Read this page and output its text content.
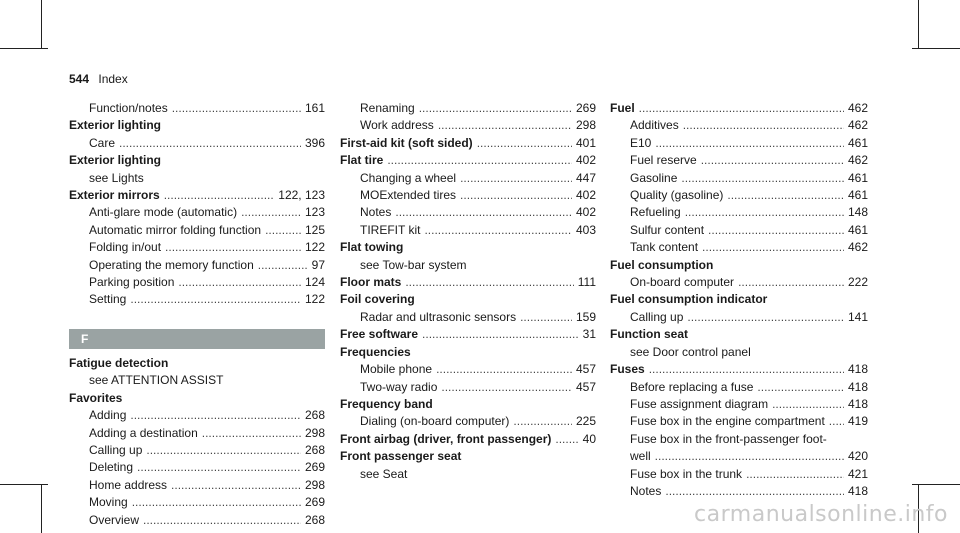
544 Index
Function/notes .....	161
Exterior lighting
Care .....	396
Exterior lighting
see Lights
Exterior mirrors .....	122, 123
Anti-glare mode (automatic) .....	123
Automatic mirror folding function .....	125
Folding in/out .....	122
Operating the memory function .....	97
Parking position .....	124
Setting .....	122
F
Fatigue detection
see ATTENTION ASSIST
Favorites
Adding .....	268
Adding a destination .....	298
Calling up .....	268
Deleting .....	269
Home address .....	298
Moving .....	269
Overview .....	268
Renaming .....	269
Work address .....	298
First-aid kit (soft sided) .....	401
Flat tire .....	402
Changing a wheel .....	447
MOExtended tires .....	402
Notes .....	402
TIREFIT kit .....	403
Flat towing
see Tow-bar system
Floor mats .....	111
Foil covering
Radar and ultrasonic sensors .....	159
Free software .....	31
Frequencies
Mobile phone .....	457
Two-way radio .....	457
Frequency band
Dialing (on-board computer) .....	225
Front airbag (driver, front passenger) .....	40
Front passenger seat
see Seat
Fuel .....	462
Additives .....	462
E10 .....	461
Fuel reserve .....	462
Gasoline .....	461
Quality (gasoline) .....	461
Refueling .....	148
Sulfur content .....	461
Tank content .....	462
Fuel consumption
On-board computer .....	222
Fuel consumption indicator
Calling up .....	141
Function seat
see Door control panel
Fuses .....	418
Before replacing a fuse .....	418
Fuse assignment diagram .....	418
Fuse box in the engine compartment ..... 419
Fuse box in the front-passenger foot-
well .....	420
Fuse box in the trunk .....	421
Notes .....	418
carmanualsonline.info
